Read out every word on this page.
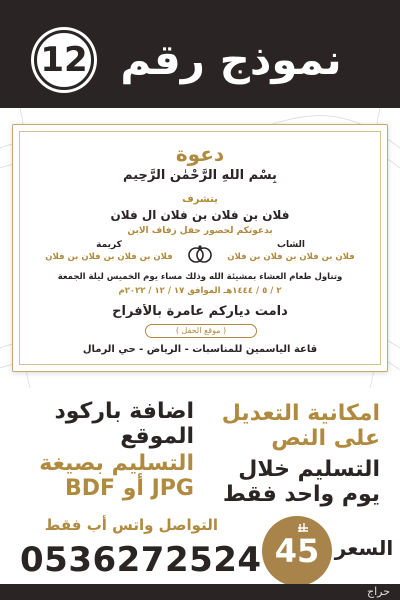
12 نموذج رقم
دعوة
بِسْمِ اللّٰهِ الرَّحْمٰنِ الرَّحِيمِ
يتشرف
فلان بن فلان بن فلان ال فلان
بدعوتكم لحضور حفل زفاف الابن
الشاب
فلان بن فلان بن فلان بن فلان
كريمة
فلان بن فلان بن فلان بن فلان
وتناول طعام العشاء بمشيئة الله وذلك مساء يوم الخميس ليلة الجمعة
٢ / ٥ / ١٤٤٤هـ الموافق ١٧ / ١٢ / ٢٠٢٢م
دامت دياركم عامرة بالأفراح
( موقع الحفل )
قاعة الياسمين للمناسبات - الرياض - حي الرمال
امكانية التعديل
على النص
اضافة باركود
الموقع
التسليم خلال
يوم واحد فقط
التسليم بصيغة
BDF أو JPG
التواصل واتس أب فقط
0536272524 45 السعر
حراج
